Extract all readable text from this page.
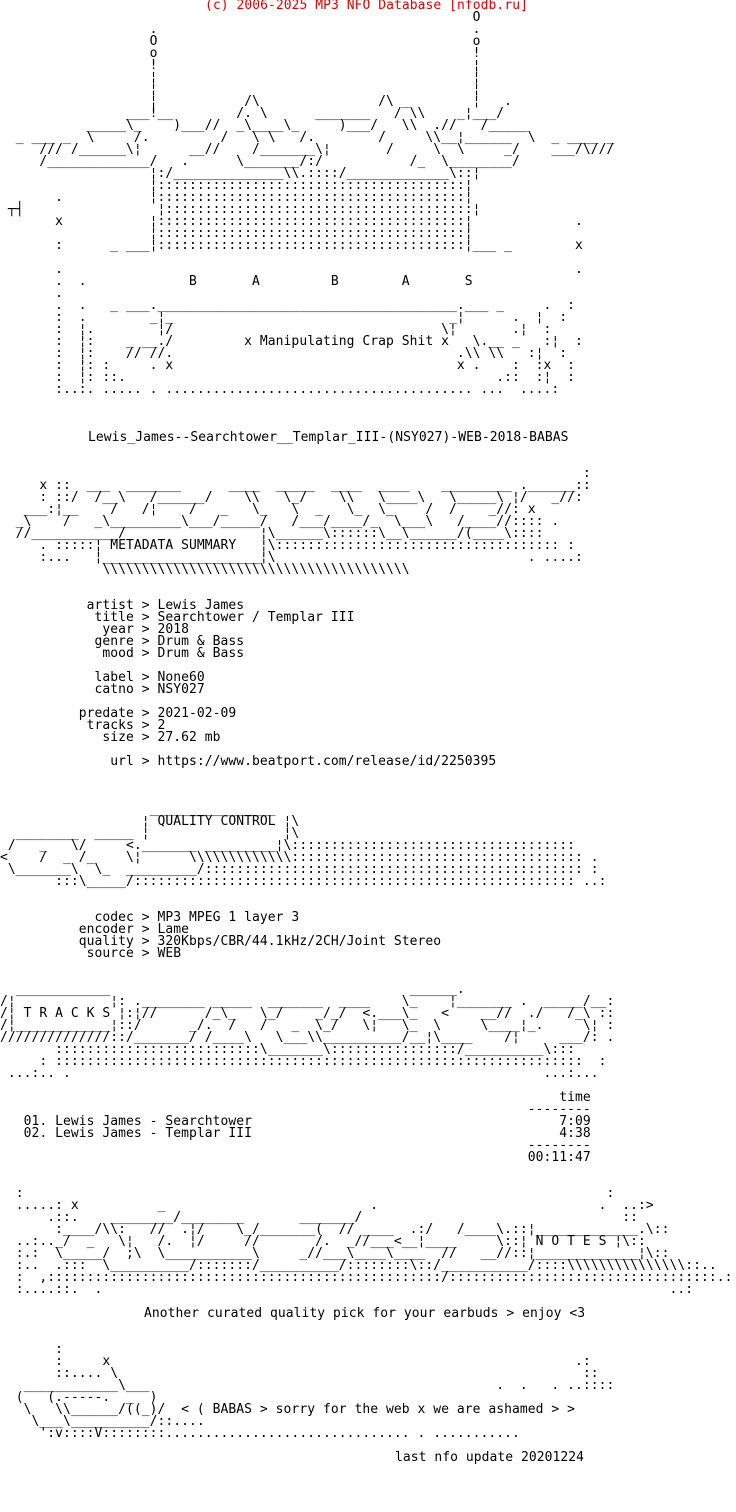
(c) 2006-2025 MP3 NFO Database [nfodb.ru]
O
.                                        .
O                                        o
o                                        !
!                                        ¦
¦                                        ¦
¦                                        ¦
¦           /\               /\ _        ¦   .
___!__        /. \      _______   / \\    _¦___/
_____\_    )___//  _\____\_     )___/   \\  .//   /_____
_ ___ _  \     /.         /   \ \   /.        /     \\__¦______  \  _ ____ _
/// /______\¦      __//    /_______\¦       /     \  \     _/    ___/\///
/_____________/   .      \_______/:/           /_  \________/
¦:/______________\\.::::/_____________\::¦
¦:::::::::::::::::::::::::::::::::::::::¦
.           ¦:::::::::::::::::::::::::::::::::::::::¦
┬┤                 ¦:::::::::::::::::::::::::::::::::::::::¦
x           ¦:::::::::::::::::::::::::::::::::::::::¦             .
¦:::::::::::::::::::::::::::::::::::::::¦
:      _ ___¦:::::::::::::::::::::::::::::::::::::::¦___ _        x

.                                                                 .
.  .             B       A         B        A       S
.
.  .   _ ___.______________________________________.___ _     .  :
:  .        _¦_                                   _¦      .  ¦  :
:  ¦.        ¦/                                  \¦       .¦  :
:  ¦:    _ __./         x Manipulating Crap Shit x   \.__ _   :¦  :
:  ¦:    // //.                                    .\\ \\   :¦  :
:  ¦: :     . x                                    x .    :  :x  :
:  ¦: ::.                                               .::  :¦  :
:..:. ..... . ....................................... ...  ....:

Lewis_James--Searchtower__Templar_III-(NSY027)-WEB-2018-BABAS

:
x ::  ___  _______      ____  _____  ____  ____    _________ .______::
: ::/  /__\   /______/    \\   \_/    \\   \____\   \_____\ ¦/   _//:
___:¦__    /   /¦    /   _   \_   \  _   \_  \_    /  /    _//: x
_\    /   _\_________\___/_____/   /___/____/_  \___\   /____//:::: .
//___________/                 ¦\______\::::::\__\______/(____\::::
. :::::¦ METADATA SUMMARY   ¦\:::::::::::::::::::::::::::::::::::: :
:...   ¦____________________¦\                                . ....:
\\\\\\\\\\\\\\\\\\\\\\\\\\\\\\\\\\\\\\\

artist > Lewis James
title > Searchtower / Templar III
year > 2018
genre > Drum & Bass
mood > Drum & Bass

label > None60
catno > NSY027

predate > 2021-02-09
tracks > 2
size > 27.62 mb

url > https://www.beatport.com/release/id/2250395

________________
¦ QUALITY CONTROL ¦\
________  _____ ¦                 ¦\
/   _   \/     <._______ _________¦\::::::::::::::::::::::::::::::::::::
<    /  _ /_    \¦      \\\\\\\\\\\\\::::::::::::::::::::::::::::::::::::: .
\_______\  \_  _________/:::::::::::::::::::::::::::::::::::::::::::::::: :
:::\_____/:::::::::::::::::::::::::::::::::::::::::::::::::::::::: ..:

codec > MP3 MPEG 1 layer 3
encoder > Lame
quality > 320Kbps/CBR/44.1kHz/2CH/Joint Stereo
source > WEB

____________                                      ______.
/¦            ¦: .________ _____  _______  ____    \_    ¦_______ .  _____/__:
/¦ T R A C K S ¦:¦//      /_\_   \_/    _/_/  <.___\_   <    __//  ./   /_\ ::
/¦____________¦::/      _/.  /   /   _  \_/   \¦   \_  \     \____¦_.     \¦ :
//////////////::/_______/ /____\   \___\\__________/__¦\____    /¦     ___/: .
::::::::::::::::::::::::::\_______\::::::::::::::::/__________\:::
: :::::::::::::::::::::::::::::::::::::::::::::::::::::::::::::::::::  :
...:.. .                                                            ...:...

time
--------
01. Lewis James - Searchtower                                       7:09
02. Lewis James - Templar III                                       4:38
--------
00:11:47

:                                                                          :
.....: x          _                          .                            .  ..:>
.::.    ________/________       _______/                                 ::
:____/\\:   //  .¦/    \_/_______(  // ____  .:/   /____\.::¦_____________.\::
..:.._/  _   \¦   /.  ¦/     //       /.  _//___<__¦____     \::¦ N O T E S ¦\::
:.:  \_____/  ;\  \___________\     _//___\____\____  //   __//::¦_____________¦\::
:..  .:::  \__________/:::::::/__________/::::::::\::/___________/::::\\\\\\\\\\\\\\\::..
:  ,::::::::::::::::::::::::::::::::::::::::::::::::::/::::::::::::::::::::::::::::::::::.:
:....::.  .                                                                        ..:

Another curated quality pick for your earbuds > enjoy <3

:
:     x                                                           .:
::.... \                                                           ::
____________\___                                            .  .   . ..::::
(   (.-----.  _  )
\   \\______/((_)/  < ( BABAS > sorry for the web x we are ashamed > >
\___\__________/::....
':v::::V::::::::............................... . ...........

last nfo update 20201224
